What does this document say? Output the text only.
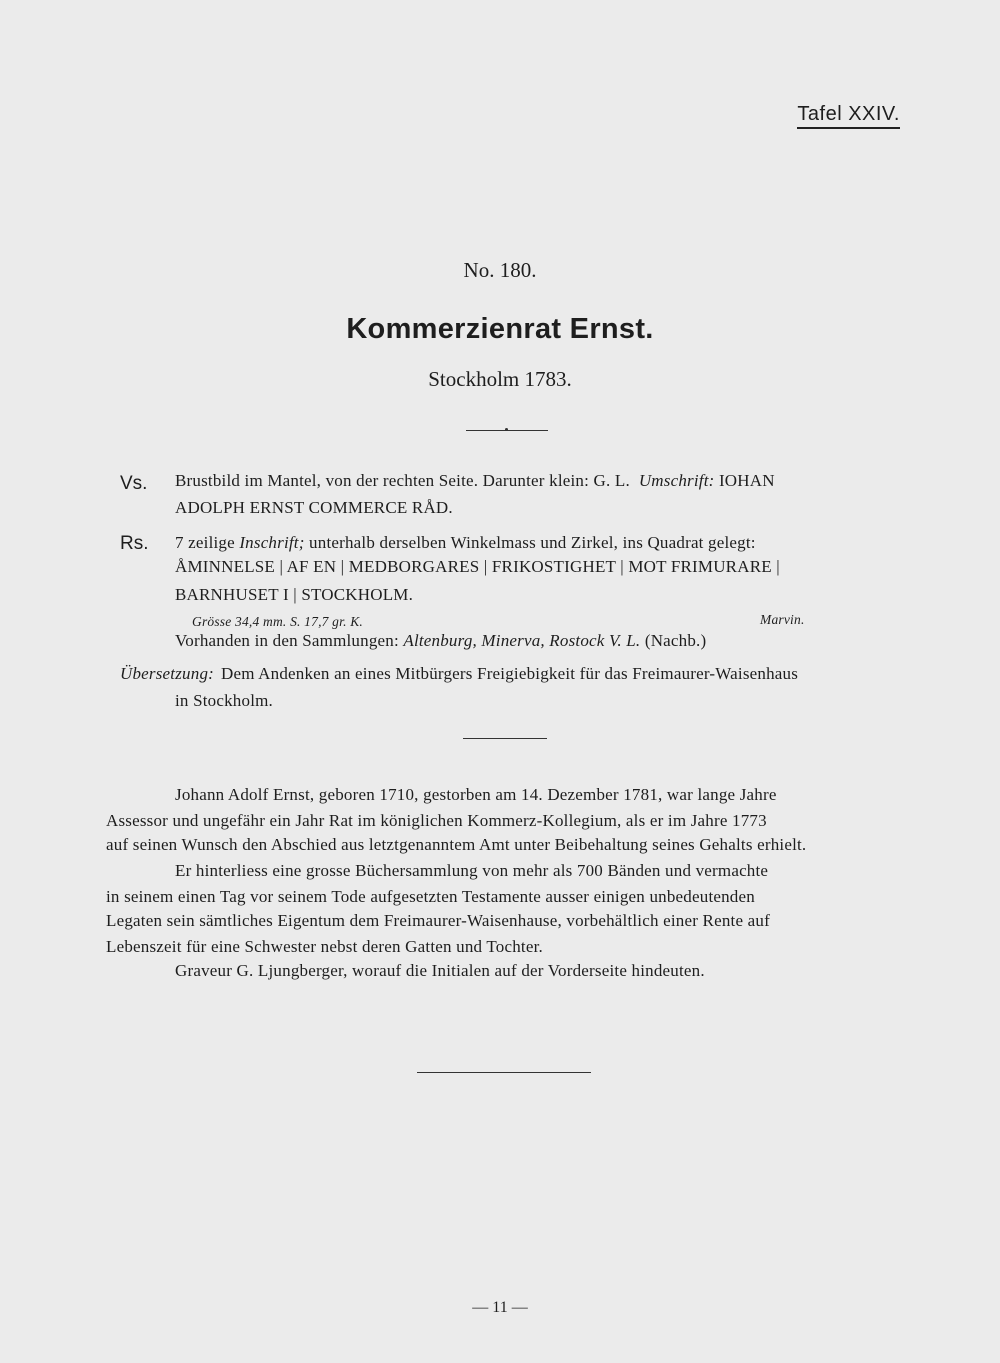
Tafel XXIV.
No. 180.
Kommerzienrat Ernst.
Stockholm 1783.
Vs. Brustbild im Mantel, von der rechten Seite. Darunter klein: G. L. Umschrift: IOHAN
ADOLPH ERNST COMMERCE RÅD.
Rs. 7 zeilige Inschrift; unterhalb derselben Winkelmass und Zirkel, ins Quadrat gelegt:
ÅMINNELSE | AF EN | MEDBORGARES | FRIKOSTIGHET | MOT FRIMURARE |
BARNHUSET I | STOCKHOLM.
Grösse 34,4 mm. S. 17,7 gr. K.	Marvin.
Vorhanden in den Sammlungen: Altenburg, Minerva, Rostock V. L. (Nachb.)
Übersetzung: Dem Andenken an eines Mitbürgers Freigiebigkeit für das Freimaurer-Waisenhaus
in Stockholm.
Johann Adolf Ernst, geboren 1710, gestorben am 14. Dezember 1781, war lange Jahre
Assessor und ungefähr ein Jahr Rat im königlichen Kommerz-Kollegium, als er im Jahre 1773
auf seinen Wunsch den Abschied aus letztgenanntem Amt unter Beibehaltung seines Gehalts erhielt.
Er hinterliess eine grosse Büchersammlung von mehr als 700 Bänden und vermachte
in seinem einen Tag vor seinem Tode aufgesetzten Testamente ausser einigen unbedeutenden
Legaten sein sämtliches Eigentum dem Freimaurer-Waisenhause, vorbehältlich einer Rente auf
Lebenszeit für eine Schwester nebst deren Gatten und Tochter.
Graveur G. Ljungberger, worauf die Initialen auf der Vorderseite hindeuten.
— 11 —
